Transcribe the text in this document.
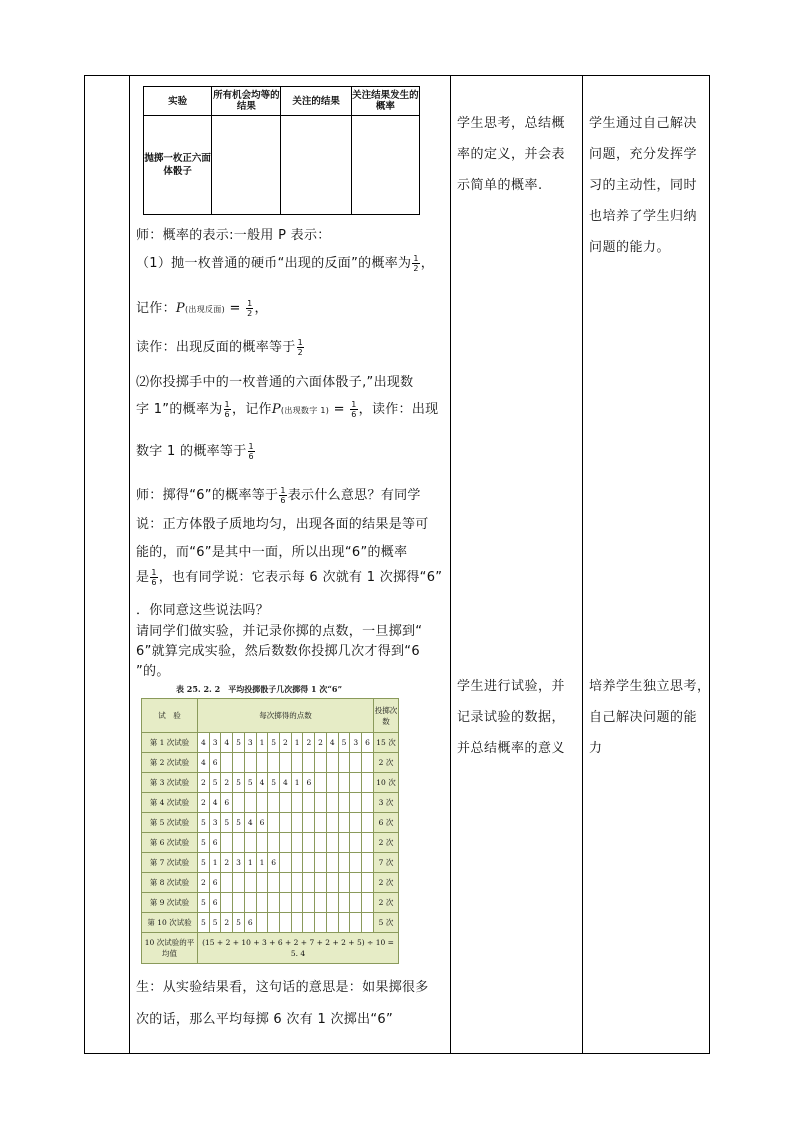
实验	所有机会均等的结果	关注的结果	关注结果发生的概率
抛掷一枚正六面体骰子			
师：概率的表示:一般用 P 表示：
（1）抛一枚普通的硬币“出现的反面”的概率为 $\frac{1}{2}$ ，
记作：P(出现反面) = $\frac{1}{2}$ ，
读作：出现反面的概率等于 $\frac{1}{2}$
⑵你投掷手中的一枚普通的六面体骰子,”出现数
字 1”的概率为 $\frac{1}{6}$ ，记作P(出现数字 $1) = \frac{1}{6}$ ，读作：出现
数字 1 的概率等于 $\frac{1}{6}$
师：掷得“6”的概率等于 $\frac{1}{6}$ 表示什么意思？有同学
说：正方体骰子质地均匀，出现各面的结果是等可
能的，而“6”是其中一面，所以出现“6”的概率
是 $\frac{1}{6}$ ，也有同学说：它表示每 6 次就有 1 次掷得“6”
．你同意这些说法吗？
请同学们做实验，并记录你掷的点数，一旦掷到“
6”就算完成实验，然后数数你投掷几次才得到“6
”的。
表 25. 2. 2　平均投掷骰子几次掷得 1 次“6”
试　验	每次掷得的点数															投掷次数
第 1 次试验	4	3	4	5	3	1	5	2	1	2	2	4	5	3	6	15 次
第 2 次试验	4	6														2 次
第 3 次试验	2	5	2	5	5	4	5	4	1	6						10 次
第 4 次试验	2	4	6													3 次
第 5 次试验	5	3	5	5	4	6										6 次
第 6 次试验	5	6														2 次
第 7 次试验	5	1	2	3	1	1	6									7 次
第 8 次试验	2	6														2 次
第 9 次试验	5	6														2 次
第 10 次试验	5	5	2	5	6											5 次
10 次试验的平均值	(15 + 2 + 10 + 3 + 6 + 2 + 7 + 2 + 2 + 5) ÷ 10 = 5. 4															
生：从实验结果看，这句话的意思是：如果掷很多
次的话，那么平均每掷 6 次有 1 次掷出“6”
学生思考，总结概
率的定义，并会表
示简单的概率.
学生进行试验，并
记录试验的数据，
并总结概率的意义
学生通过自己解决
问题，充分发挥学
习的主动性，同时
也培养了学生归纳
问题的能力。
培养学生独立思考，
自己解决问题的能
力
